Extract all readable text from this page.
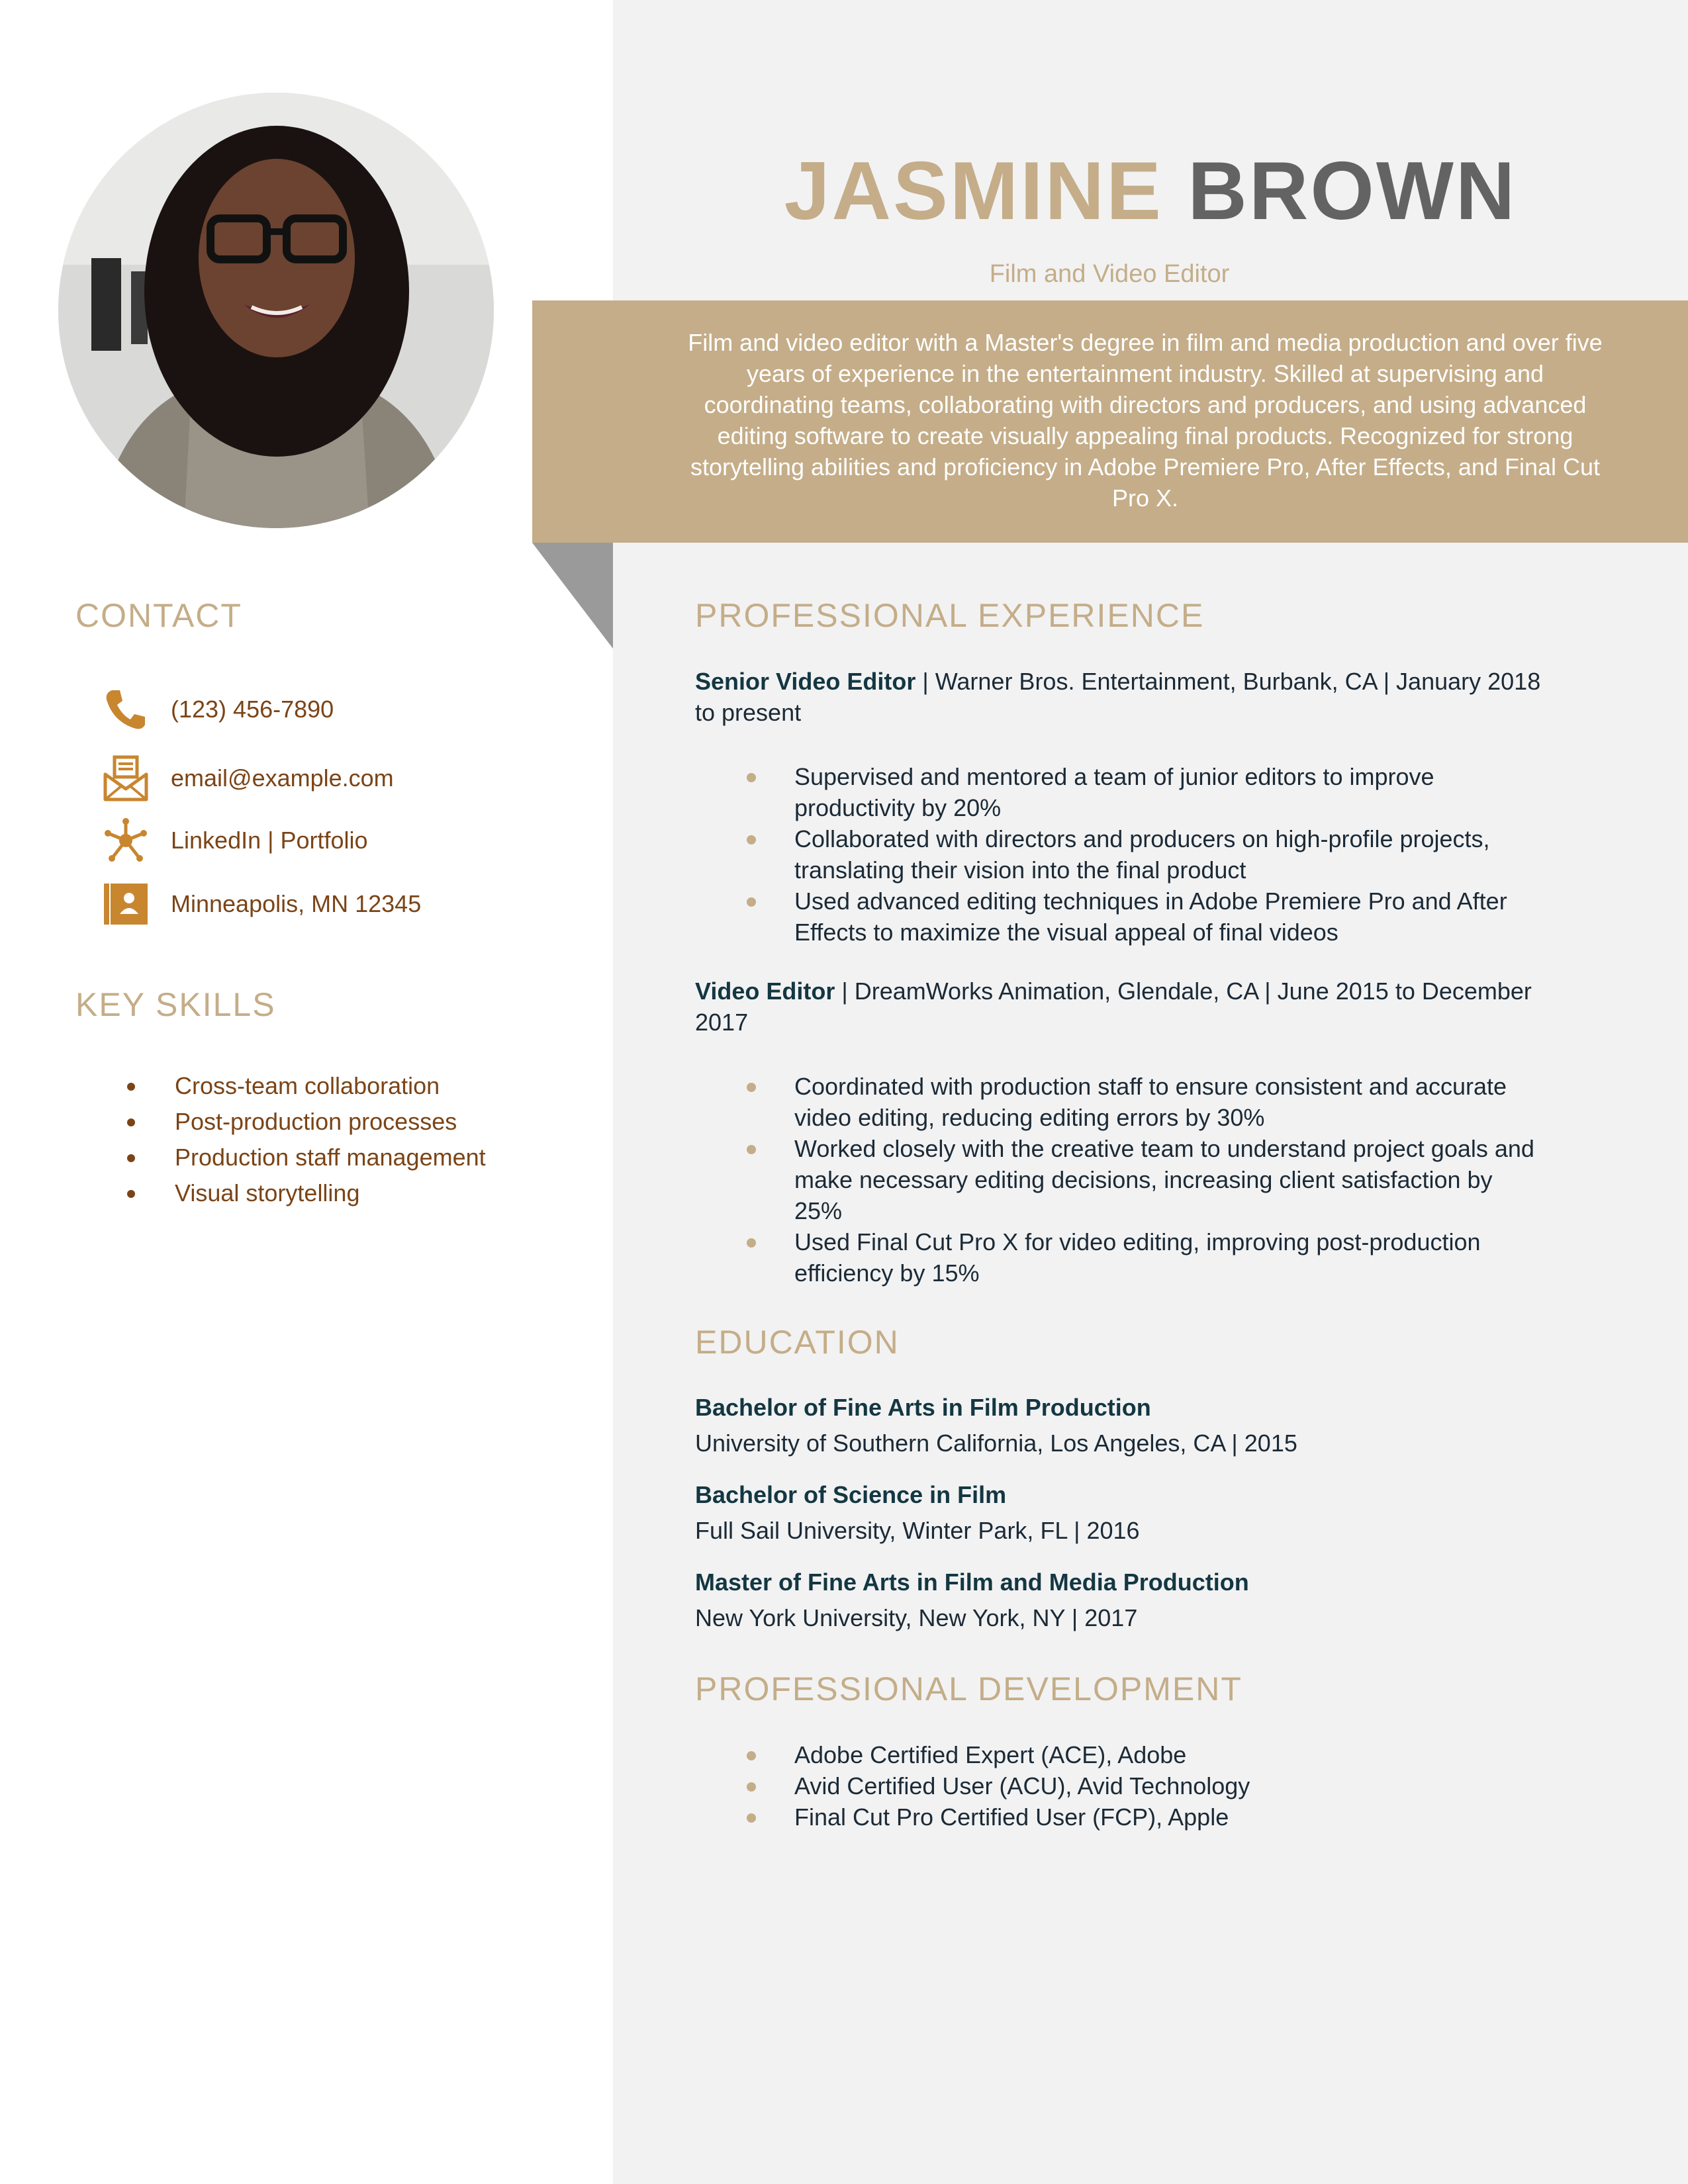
JASMINE BROWN
Film and Video Editor
Film and video editor with a Master's degree in film and media production and over five years of experience in the entertainment industry. Skilled at supervising and coordinating teams, collaborating with directors and producers, and using advanced editing software to create visually appealing final products. Recognized for strong storytelling abilities and proficiency in Adobe Premiere Pro, After Effects, and Final Cut Pro X.
CONTACT
(123) 456-7890
email@example.com
LinkedIn | Portfolio
Minneapolis, MN 12345
KEY SKILLS
Cross-team collaboration
Post-production processes
Production staff management
Visual storytelling
PROFESSIONAL EXPERIENCE
Senior Video Editor | Warner Bros. Entertainment, Burbank, CA | January 2018 to present
Supervised and mentored a team of junior editors to improve productivity by 20%
Collaborated with directors and producers on high-profile projects, translating their vision into the final product
Used advanced editing techniques in Adobe Premiere Pro and After Effects to maximize the visual appeal of final videos
Video Editor | DreamWorks Animation, Glendale, CA | June 2015 to December 2017
Coordinated with production staff to ensure consistent and accurate video editing, reducing editing errors by 30%
Worked closely with the creative team to understand project goals and make necessary editing decisions, increasing client satisfaction by 25%
Used Final Cut Pro X for video editing, improving post-production efficiency by 15%
EDUCATION
Bachelor of Fine Arts in Film Production
University of Southern California, Los Angeles, CA | 2015
Bachelor of Science in Film
Full Sail University, Winter Park, FL | 2016
Master of Fine Arts in Film and Media Production
New York University, New York, NY | 2017
PROFESSIONAL DEVELOPMENT
Adobe Certified Expert (ACE), Adobe
Avid Certified User (ACU), Avid Technology
Final Cut Pro Certified User (FCP), Apple
